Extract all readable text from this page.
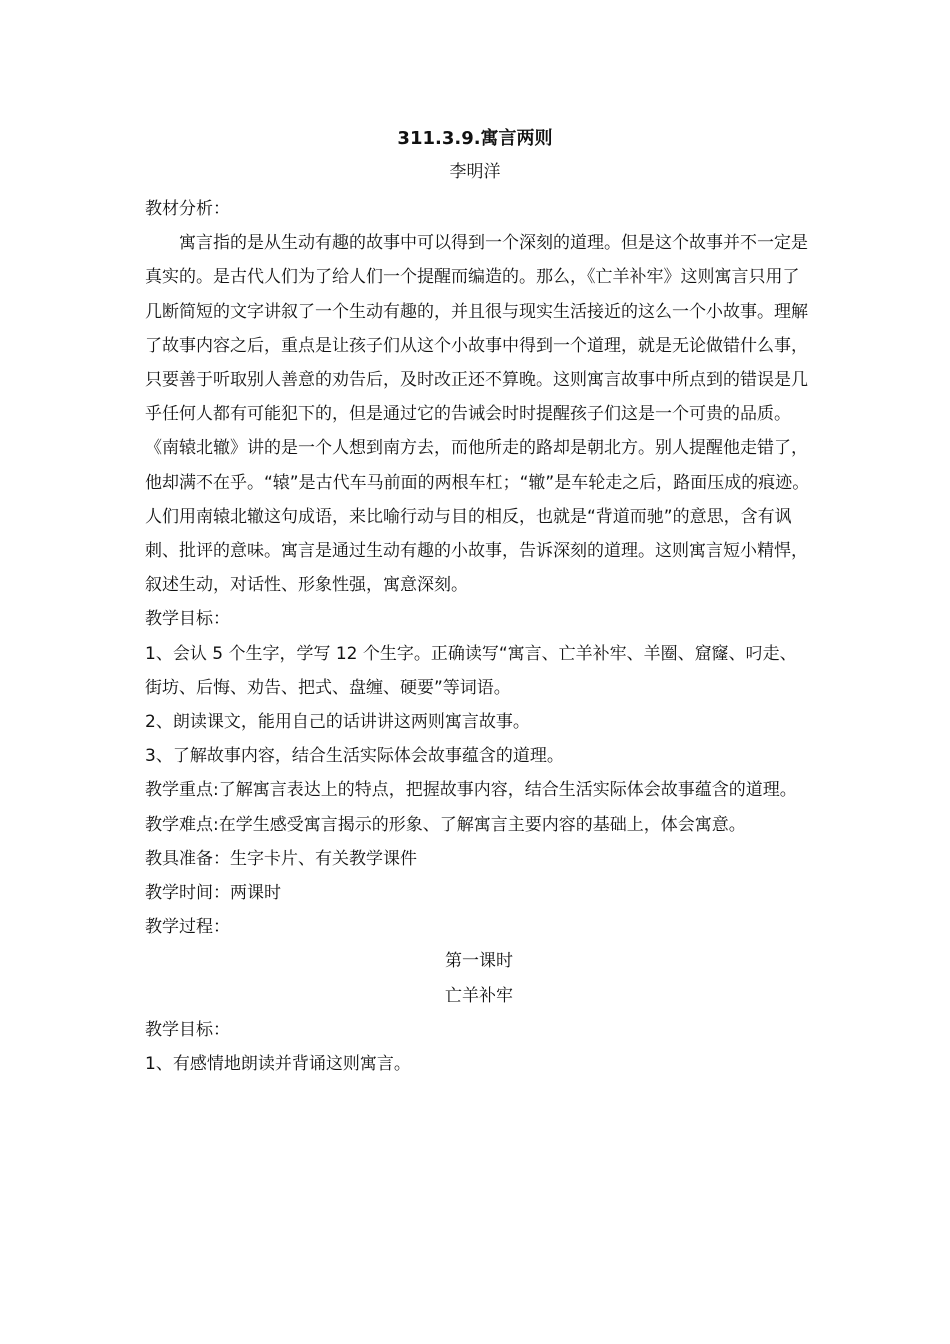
311.3.9.寓言两则
李明洋

教材分析：

寓言指的是从生动有趣的故事中可以得到一个深刻的道理。但是这个故事并不一定是真实的。是古代人们为了给人们一个提醒而编造的。那么，《亡羊补牢》这则寓言只用了几断简短的文字讲叙了一个生动有趣的，并且很与现实生活接近的这么一个小故事。理解了故事内容之后，重点是让孩子们从这个小故事中得到一个道理，就是无论做错什么事，只要善于听取别人善意的劝告后，及时改正还不算晚。这则寓言故事中所点到的错误是几乎任何人都有可能犯下的，但是通过它的告诫会时时提醒孩子们这是一个可贵的品质。

《南辕北辙》讲的是一个人想到南方去，而他所走的路却是朝北方。别人提醒他走错了，他却满不在乎。“辕”是古代车马前面的两根车杠；“辙”是车轮走之后，路面压成的痕迹。人们用南辕北辙这句成语，来比喻行动与目的相反，也就是“背道而驰”的意思，含有讽刺、批评的意味。寓言是通过生动有趣的小故事，告诉深刻的道理。这则寓言短小精悍，叙述生动，对话性、形象性强，寓意深刻。

教学目标：

1、会认 5 个生字，学写 12 个生字。正确读写“寓言、亡羊补牢、羊圈、窟窿、叼走、街坊、后悔、劝告、把式、盘缠、硬要”等词语。

2、朗读课文，能用自己的话讲讲这两则寓言故事。

3、了解故事内容，结合生活实际体会故事蕴含的道理。

教学重点:了解寓言表达上的特点，把握故事内容，结合生活实际体会故事蕴含的道理。

教学难点:在学生感受寓言揭示的形象、了解寓言主要内容的基础上，体会寓意。

教具准备：生字卡片、有关教学课件

教学时间：两课时

教学过程：

第一课时

亡羊补牢

教学目标：

1、有感情地朗读并背诵这则寓言。
